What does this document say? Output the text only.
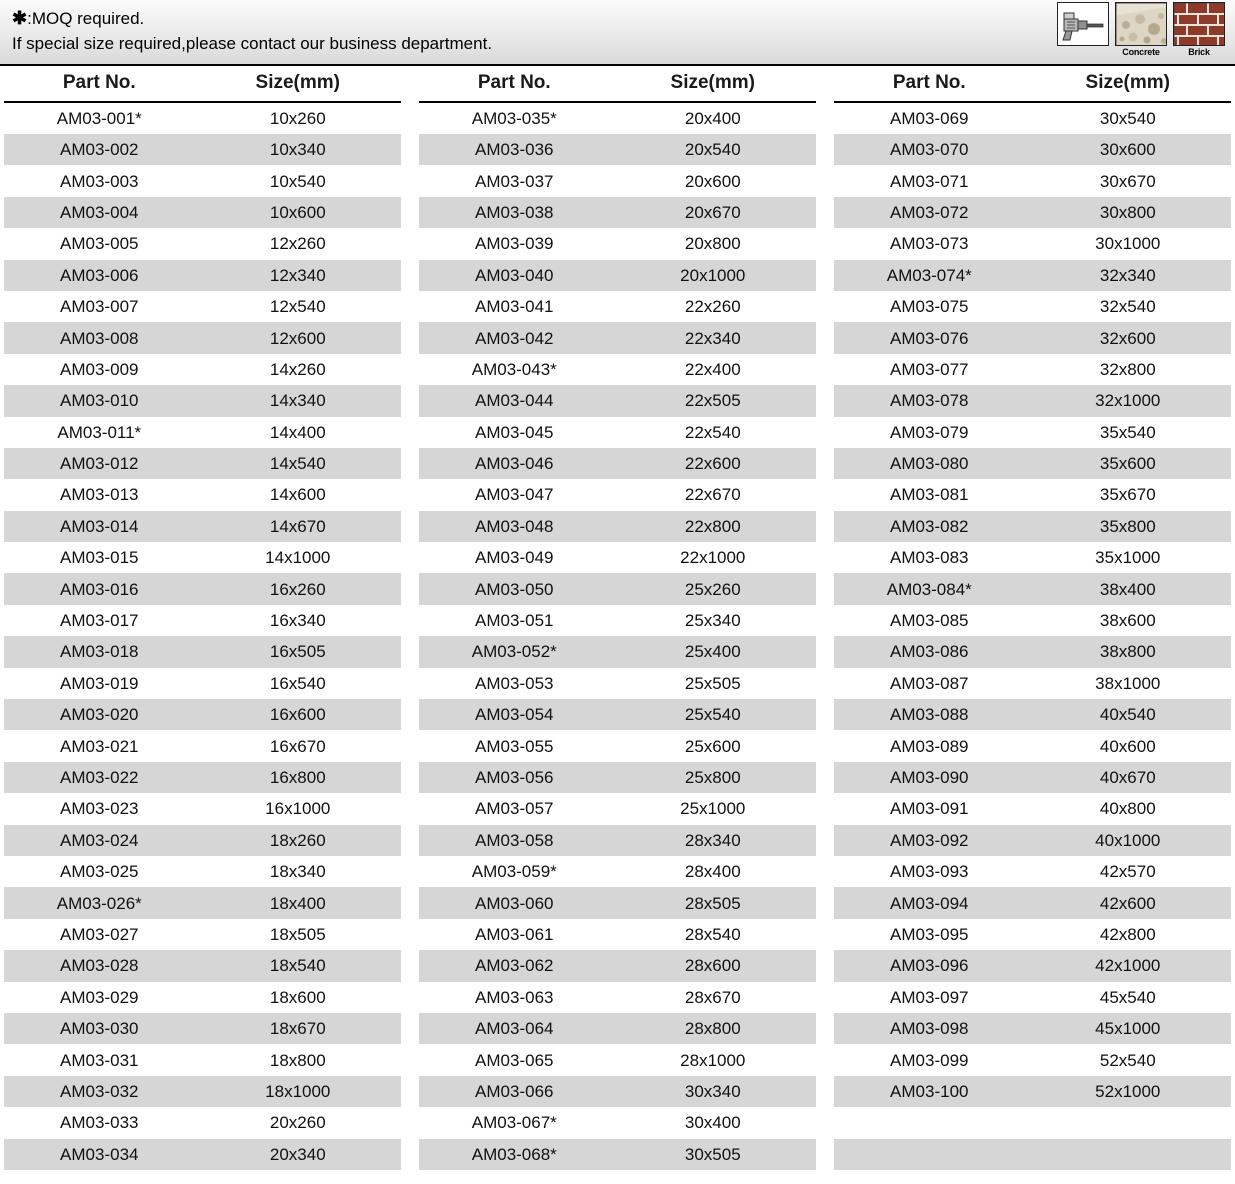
✱:MOQ required.
If special size required,please contact our business department.	Concrete	Brick
Part No.	Size(mm)
AM03-001*	10x260
AM03-002	10x340
AM03-003	10x540
AM03-004	10x600
AM03-005	12x260
AM03-006	12x340
AM03-007	12x540
AM03-008	12x600
AM03-009	14x260
AM03-010	14x340
AM03-011*	14x400
AM03-012	14x540
AM03-013	14x600
AM03-014	14x670
AM03-015	14x1000
AM03-016	16x260
AM03-017	16x340
AM03-018	16x505
AM03-019	16x540
AM03-020	16x600
AM03-021	16x670
AM03-022	16x800
AM03-023	16x1000
AM03-024	18x260
AM03-025	18x340
AM03-026*	18x400
AM03-027	18x505
AM03-028	18x540
AM03-029	18x600
AM03-030	18x670
AM03-031	18x800
AM03-032	18x1000
AM03-033	20x260
AM03-034	20x340
Part No.	Size(mm)
AM03-035*	20x400
AM03-036	20x540
AM03-037	20x600
AM03-038	20x670
AM03-039	20x800
AM03-040	20x1000
AM03-041	22x260
AM03-042	22x340
AM03-043*	22x400
AM03-044	22x505
AM03-045	22x540
AM03-046	22x600
AM03-047	22x670
AM03-048	22x800
AM03-049	22x1000
AM03-050	25x260
AM03-051	25x340
AM03-052*	25x400
AM03-053	25x505
AM03-054	25x540
AM03-055	25x600
AM03-056	25x800
AM03-057	25x1000
AM03-058	28x340
AM03-059*	28x400
AM03-060	28x505
AM03-061	28x540
AM03-062	28x600
AM03-063	28x670
AM03-064	28x800
AM03-065	28x1000
AM03-066	30x340
AM03-067*	30x400
AM03-068*	30x505
Part No.	Size(mm)
AM03-069	30x540
AM03-070	30x600
AM03-071	30x670
AM03-072	30x800
AM03-073	30x1000
AM03-074*	32x340
AM03-075	32x540
AM03-076	32x600
AM03-077	32x800
AM03-078	32x1000
AM03-079	35x540
AM03-080	35x600
AM03-081	35x670
AM03-082	35x800
AM03-083	35x1000
AM03-084*	38x400
AM03-085	38x600
AM03-086	38x800
AM03-087	38x1000
AM03-088	40x540
AM03-089	40x600
AM03-090	40x670
AM03-091	40x800
AM03-092	40x1000
AM03-093	42x570
AM03-094	42x600
AM03-095	42x800
AM03-096	42x1000
AM03-097	45x540
AM03-098	45x1000
AM03-099	52x540
AM03-100	52x1000
